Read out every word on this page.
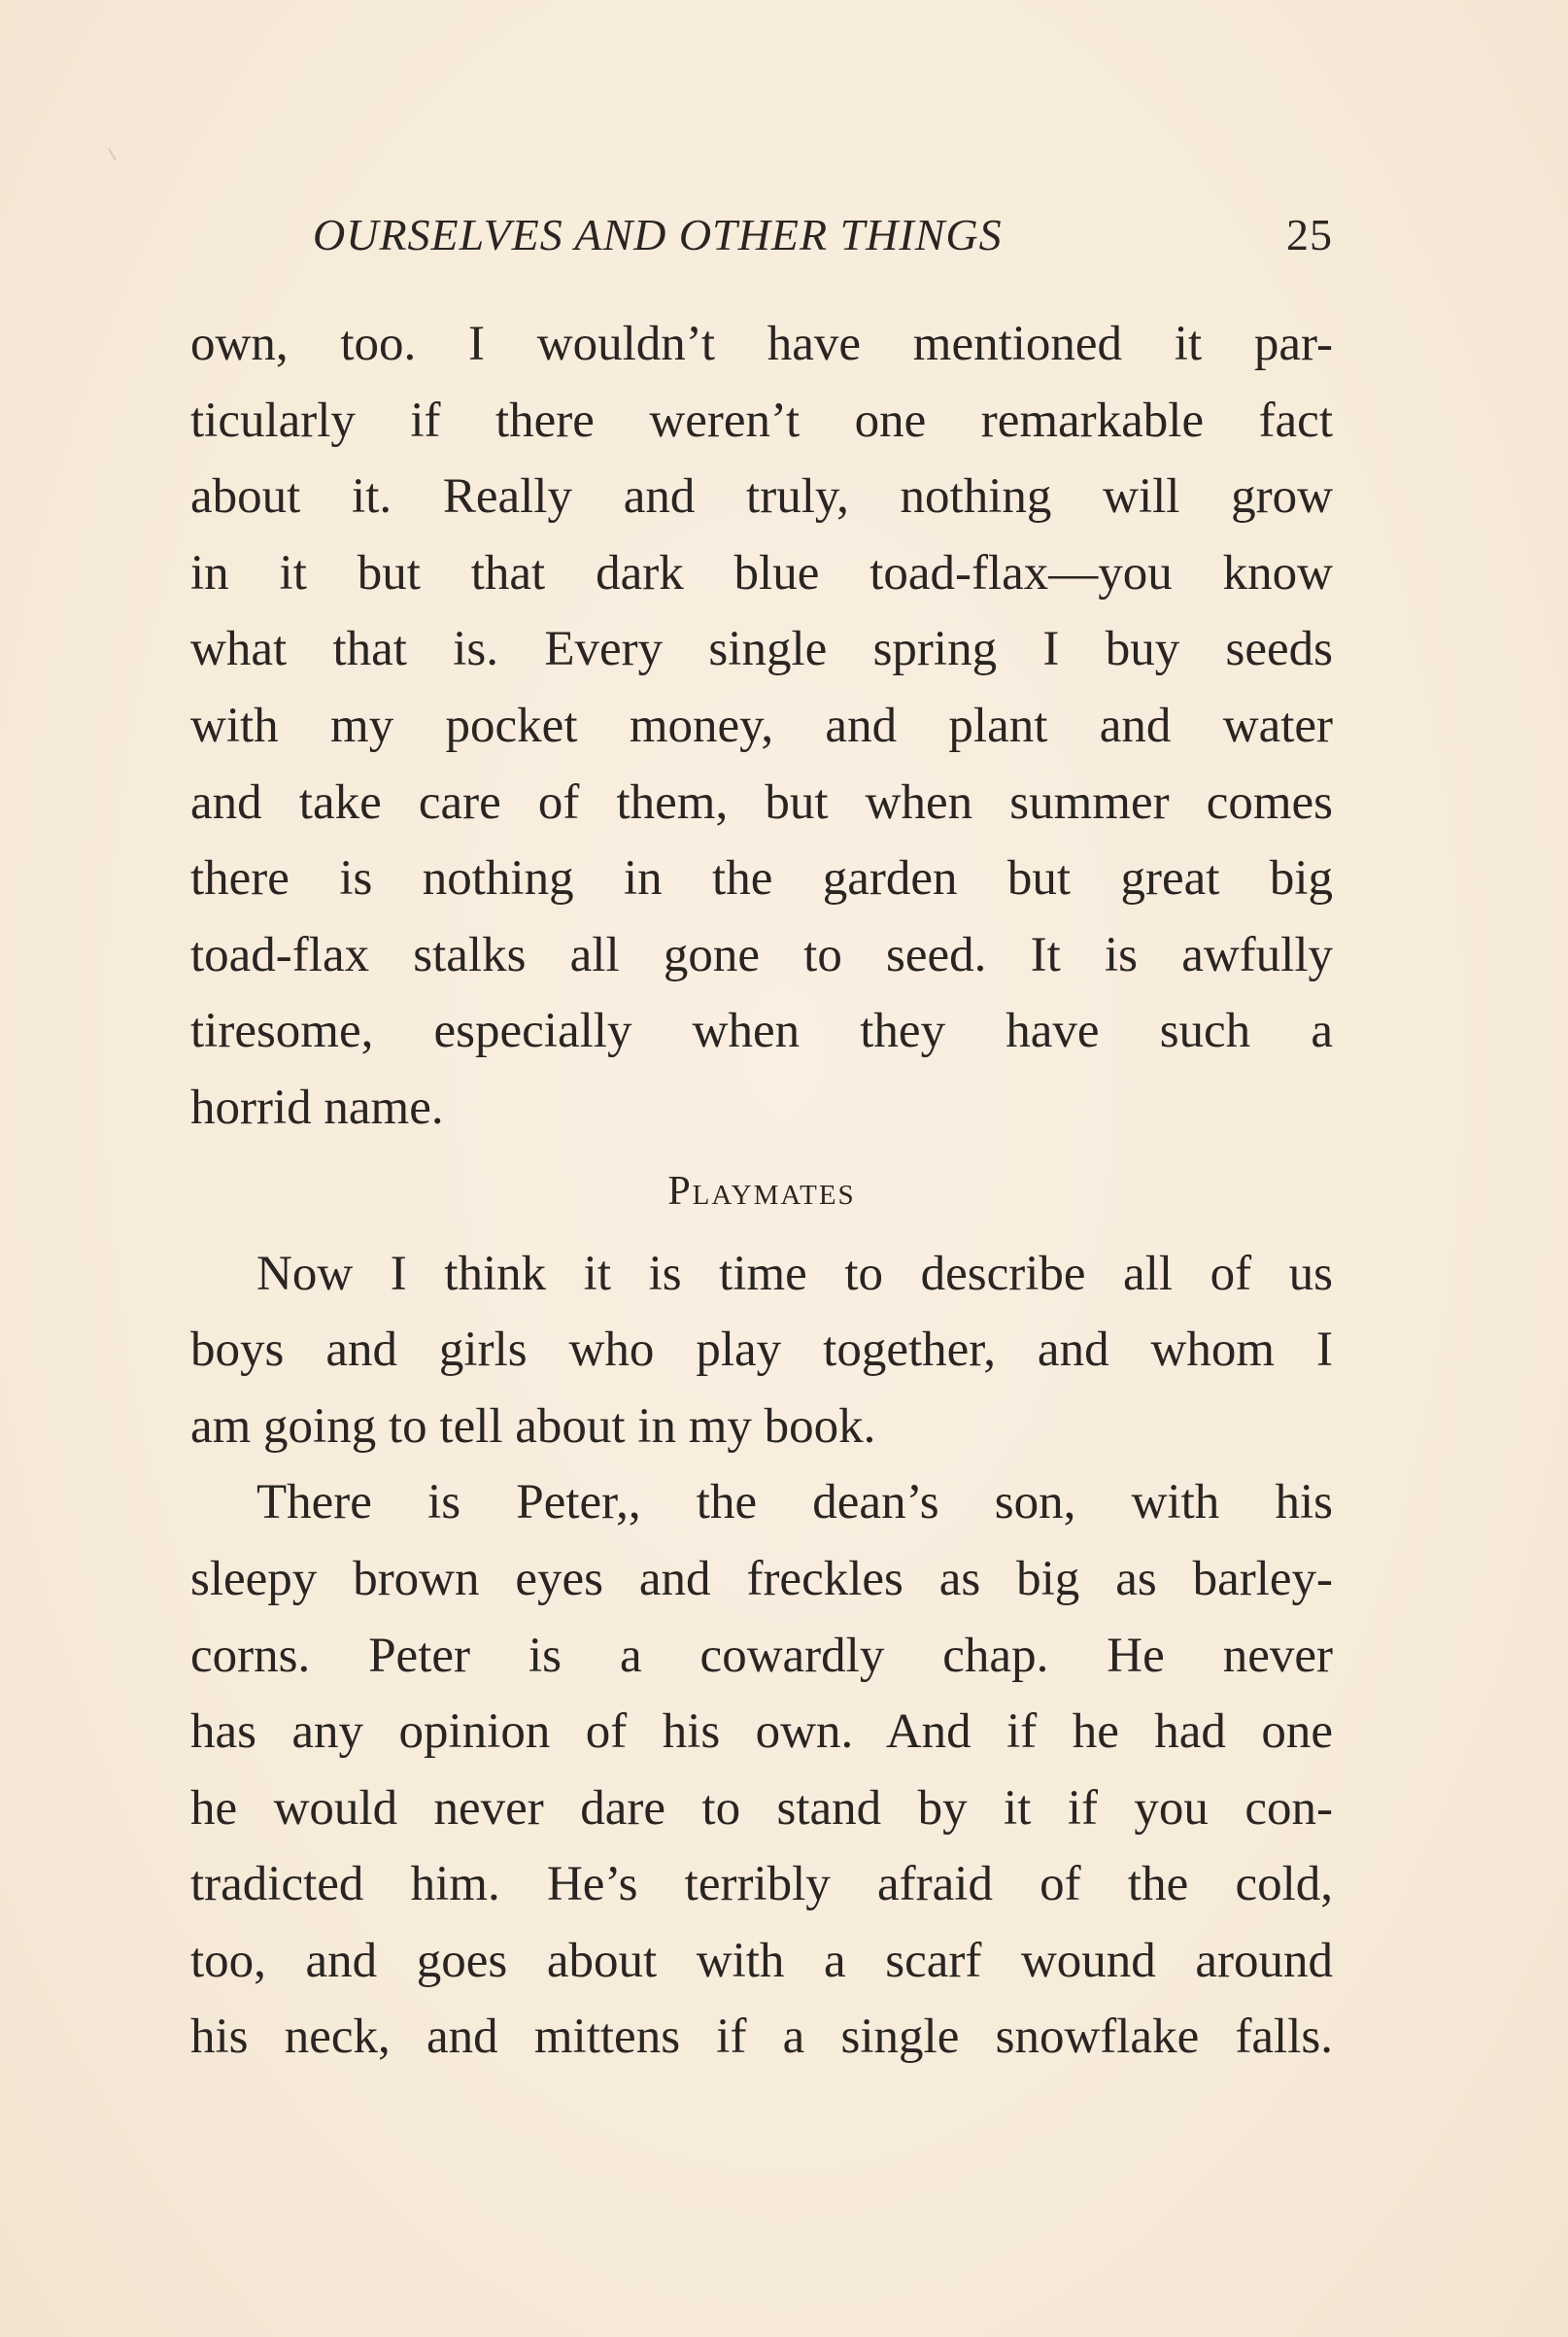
OURSELVES AND OTHER THINGS	25

own, too. I wouldn’t have mentioned it par-
ticularly if there weren’t one remarkable fact
about it. Really and truly, nothing will grow
in it but that dark blue toad-flax—you know
what that is. Every single spring I buy seeds
with my pocket money, and plant and water
and take care of them, but when summer comes
there is nothing in the garden but great big
toad-flax stalks all gone to seed. It is awfully
tiresome, especially when they have such a
horrid name.

Playmates

Now I think it is time to describe all of us
boys and girls who play together, and whom I
am going to tell about in my book.

There is Peter,, the dean’s son, with his
sleepy brown eyes and freckles as big as barley-
corns. Peter is a cowardly chap. He never
has any opinion of his own. And if he had one
he would never dare to stand by it if you con-
tradicted him. He’s terribly afraid of the cold,
too, and goes about with a scarf wound around
his neck, and mittens if a single snowflake falls.
